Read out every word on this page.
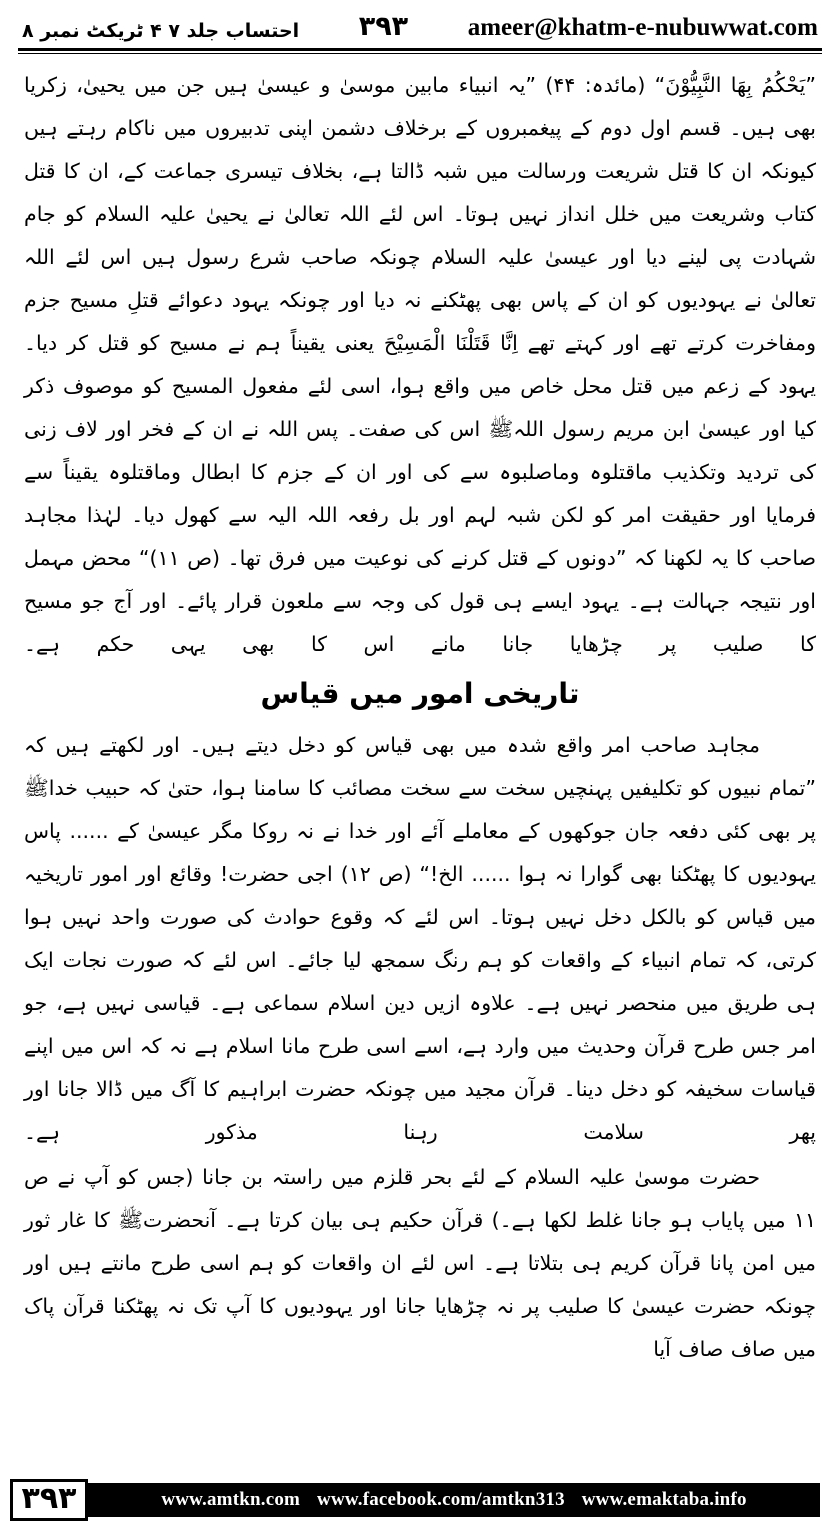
ameer@khatm-e-nubuwwat.com
۳۹۳
احتساب جلد ۷ ۴ ٹریکٹ نمبر ۸

”یَحْکُمُ بِھَا النَّبِیُّوْنَ“ (مائدہ: ۴۴) ”یہ انبیاء مابین موسیٰ و عیسیٰ ہیں جن میں یحییٰ، زکریا بھی ہیں۔ قسم اول دوم کے پیغمبروں کے برخلاف دشمن اپنی تدبیروں میں ناکام رہتے ہیں کیونکہ ان کا قتل شریعت ورسالت میں شبہ ڈالتا ہے، بخلاف تیسری جماعت کے، ان کا قتل کتاب وشریعت میں خلل انداز نہیں ہوتا۔ اس لئے اللہ تعالیٰ نے یحییٰ علیہ السلام کو جام شہادت پی لینے دیا اور عیسیٰ علیہ السلام چونکہ صاحب شرع رسول ہیں اس لئے اللہ تعالیٰ نے یہودیوں کو ان کے پاس بھی پھٹکنے نہ دیا اور چونکہ یہود دعوائے قتلِ مسیح جزم ومفاخرت کرتے تھے اور کہتے تھے اِنَّا قَتَلْنَا الْمَسِیْحَ یعنی یقیناً ہم نے مسیح کو قتل کر دیا۔ یہود کے زعم میں قتل محل خاص میں واقع ہوا، اسی لئے مفعول المسیح کو موصوف ذکر کیا اور عیسیٰ ابن مریم رسول اللہﷺ اس کی صفت۔ پس اللہ نے ان کے فخر اور لاف زنی کی تردید وتکذیب ماقتلوہ وماصلبوہ سے کی اور ان کے جزم کا ابطال وماقتلوہ یقیناً سے فرمایا اور حقیقت امر کو لکن شبہ لہم اور بل رفعہ اللہ الیہ سے کھول دیا۔ لہٰذا مجاہد صاحب کا یہ لکھنا کہ ”دونوں کے قتل کرنے کی نوعیت میں فرق تھا۔ (ص ۱۱)“ محض مہمل اور نتیجہ جہالت ہے۔ یہود ایسے ہی قول کی وجہ سے ملعون قرار پائے۔ اور آج جو مسیح کا صلیب پر چڑھایا جانا مانے اس کا بھی یہی حکم ہے۔

تاریخی امور میں قیاس

مجاہد صاحب امر واقع شدہ میں بھی قیاس کو دخل دیتے ہیں۔ اور لکھتے ہیں کہ ”تمام نبیوں کو تکلیفیں پہنچیں سخت سے سخت مصائب کا سامنا ہوا، حتیٰ کہ حبیب خداﷺ پر بھی کئی دفعہ جان جوکھوں کے معاملے آئے اور خدا نے نہ روکا مگر عیسیٰ کے ...... پاس یہودیوں کا پھٹکنا بھی گوارا نہ ہوا ...... الخ!“ (ص ۱۲) اجی حضرت! وقائع اور امور تاریخیہ میں قیاس کو بالکل دخل نہیں ہوتا۔ اس لئے کہ وقوع حوادث کی صورت واحد نہیں ہوا کرتی، کہ تمام انبیاء کے واقعات کو ہم رنگ سمجھ لیا جائے۔ اس لئے کہ صورت نجات ایک ہی طریق میں منحصر نہیں ہے۔ علاوہ ازیں دین اسلام سماعی ہے۔ قیاسی نہیں ہے، جو امر جس طرح قرآن وحدیث میں وارد ہے، اسے اسی طرح مانا اسلام ہے نہ کہ اس میں اپنے قیاسات سخیفہ کو دخل دینا۔ قرآن مجید میں چونکہ حضرت ابراہیم کا آگ میں ڈالا جانا اور پھر سلامت رہنا مذکور ہے۔

حضرت موسیٰ علیہ السلام کے لئے بحر قلزم میں راستہ بن جانا (جس کو آپ نے ص ۱۱ میں پایاب ہو جانا غلط لکھا ہے۔) قرآن حکیم ہی بیان کرتا ہے۔ آنحضرتﷺ کا غار ثور میں امن پانا قرآن کریم ہی بتلاتا ہے۔ اس لئے ان واقعات کو ہم اسی طرح مانتے ہیں اور چونکہ حضرت عیسیٰ کا صلیب پر نہ چڑھایا جانا اور یہودیوں کا آپ تک نہ پھٹکنا قرآن پاک میں صاف صاف آیا

۳۹۳	www.amtkn.com www.facebook.com/amtkn313 www.emaktaba.info
